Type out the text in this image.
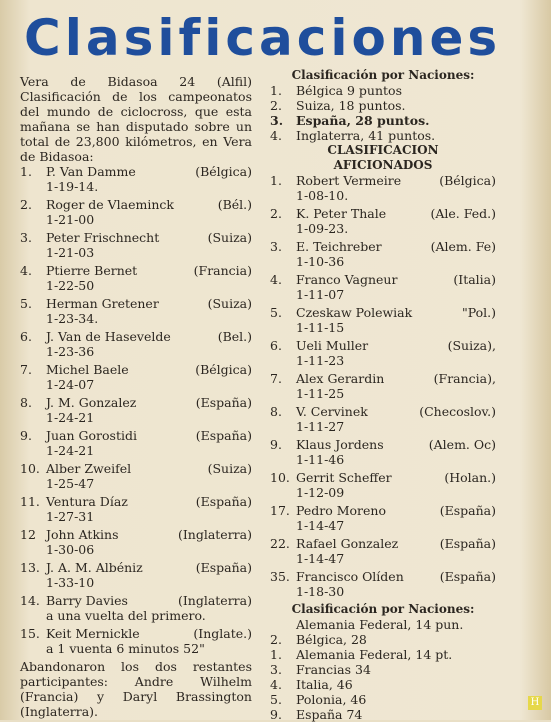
Clasificaciones

Vera de Bidasoa 24 (Alfil) Clasificación de los campeonatos del mundo de ciclocross, que esta mañana se han disputado sobre un total de 23,800 kilómetros, en Vera de Bidasoa:

1.	P. Van Damme	(Bélgica)
1-19-14.
2.	Roger de Vlaeminck	(Bél.)
1-21-00
3.	Peter Frischnecht	(Suiza)
1-21-03
4.	Ptierre Bernet	(Francia)
1-22-50
5.	Herman Gretener	(Suiza)
1-23-34.
6.	J. Van de Hasevelde	(Bel.)
1-23-36
7.	Michel Baele	(Bélgica)
1-24-07
8.	J. M. Gonzalez	(España)
1-24-21
9.	Juan Gorostidi	(España)
1-24-21
10. Alber Zweifel	(Suiza)
1-25-47
11. Ventura Díaz	(España)
1-27-31
12 John Atkins	(Inglaterra)
1-30-06
13. J. A. M. Albéniz	(España)
1-33-10
14. Barry Davies	(Inglaterra)
a una vuelta del primero.
15. Keit Mernickle	(Inglate.)
a 1 vuenta 6 minutos 52"
Abandonaron los dos restantes participantes: Andre Wilhelm (Francia) y Daryl Brassington (Inglaterra).
Clasificación por Naciones:
1.	Bélgica 9 puntos
2.	Suiza, 18 puntos.
3.	España, 28 puntos.
4.	Inglaterra, 41 puntos.
CLASIFICACION
AFICIONADOS
1.	Robert Vermeire	(Bélgica)
1-08-10.
2.	K. Peter Thale	(Ale. Fed.)
1-09-23.
3.	E. Teichreber	(Alem. Fe)
1-10-36
4.	Franco Vagneur	(Italia)
1-11-07
5.	Czeskaw Polewiak	"Pol.)
1-11-15
6.	Ueli Muller	(Suiza),
1-11-23
7.	Alex Gerardin	(Francia),
1-11-25
8.	V. Cervinek	(Checoslov.)
1-11-27
9.	Klaus Jordens	(Alem. Oc)
1-11-46
10. Gerrit Scheffer	(Holan.)
1-12-09
17. Pedro Moreno	(España)
1-14-47
22. Rafael Gonzalez	(España)
1-14-47
35. Francisco Olíden	(España)
1-18-30
Clasificación por Naciones:
Alemania Federal, 14 pun.
2.	Bélgica, 28
1.	Alemania Federal, 14 pt.
3.	Francias 34
4.	Italia, 46
5.	Polonia, 46
9.	España 74
H
